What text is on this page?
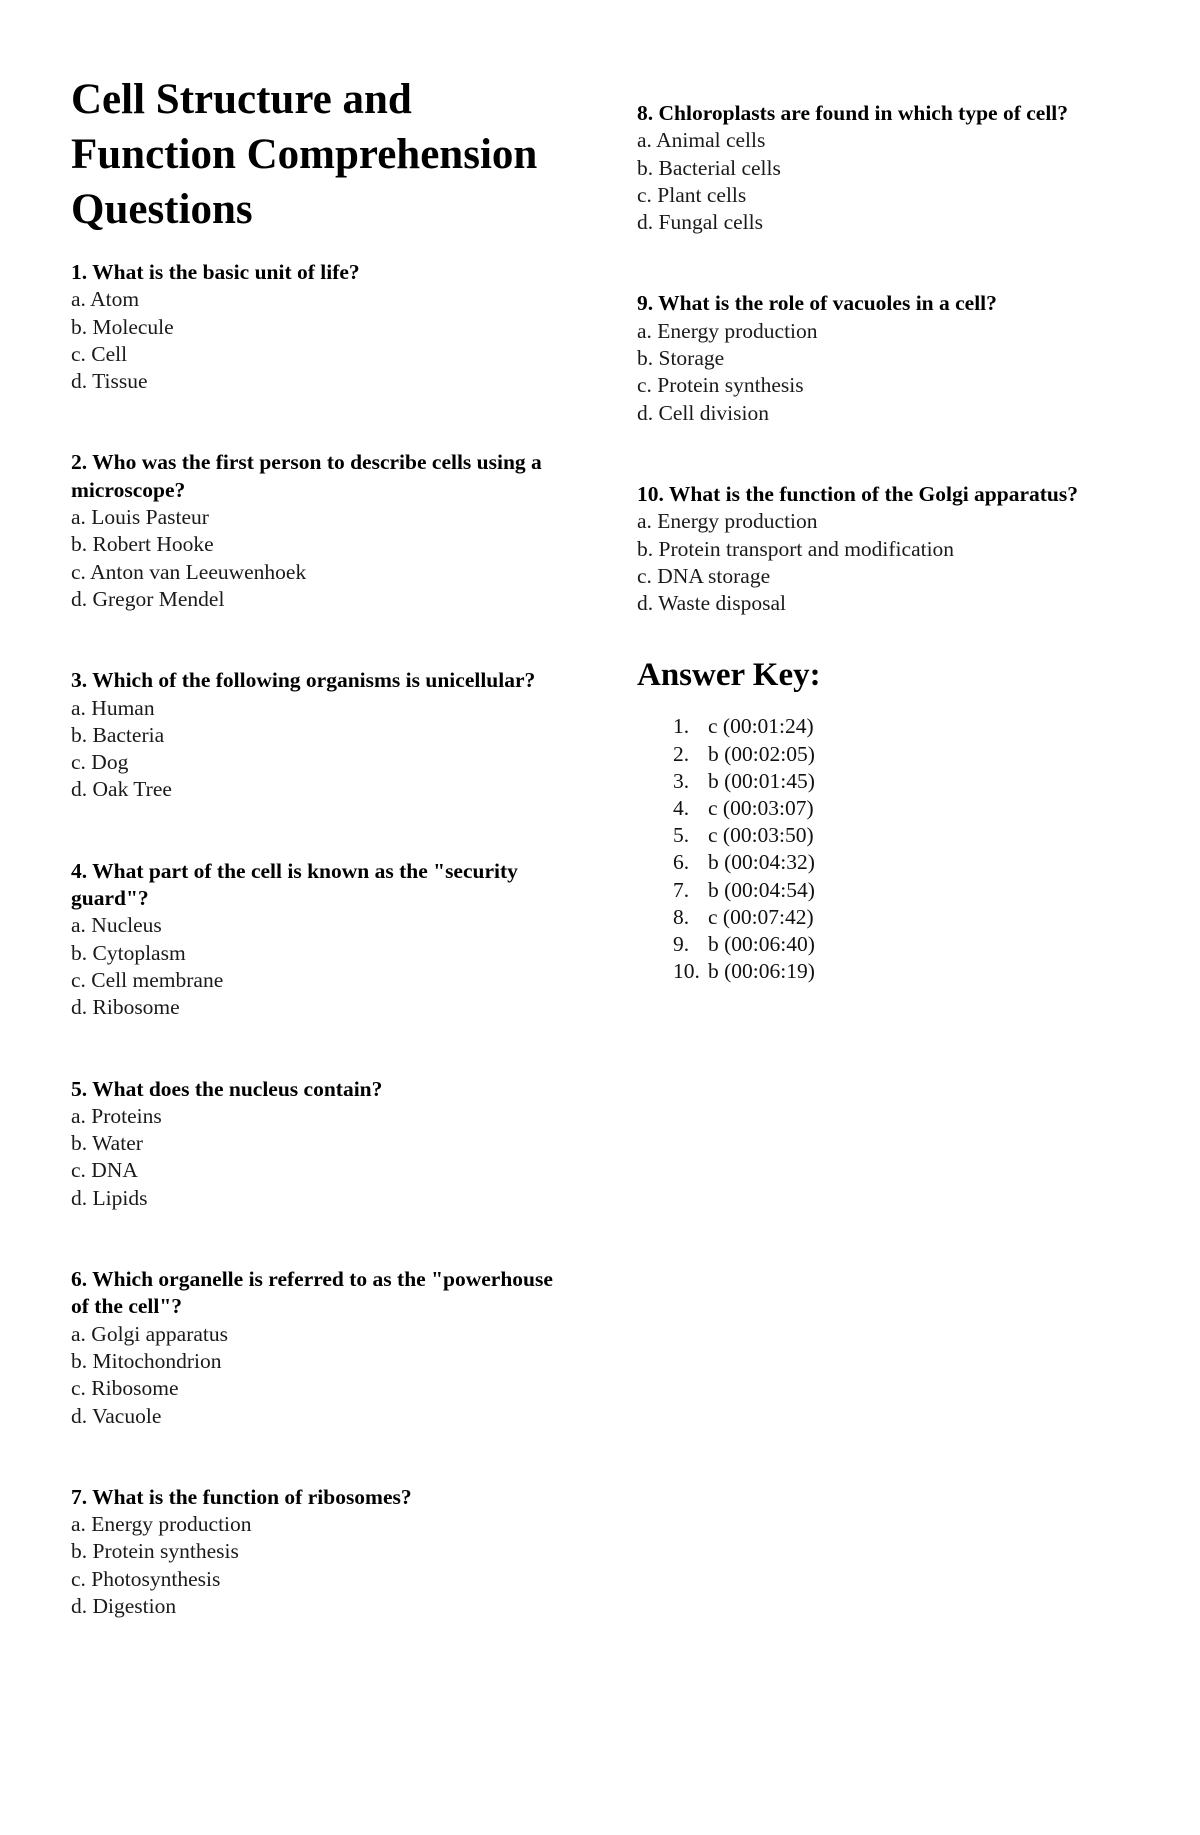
Cell Structure and Function Comprehension Questions
1. What is the basic unit of life?
a. Atom
b. Molecule
c. Cell
d. Tissue
2. Who was the first person to describe cells using a microscope?
a. Louis Pasteur
b. Robert Hooke
c. Anton van Leeuwenhoek
d. Gregor Mendel
3. Which of the following organisms is unicellular?
a. Human
b. Bacteria
c. Dog
d. Oak Tree
4. What part of the cell is known as the "security guard"?
a. Nucleus
b. Cytoplasm
c. Cell membrane
d. Ribosome
5. What does the nucleus contain?
a. Proteins
b. Water
c. DNA
d. Lipids
6. Which organelle is referred to as the "powerhouse of the cell"?
a. Golgi apparatus
b. Mitochondrion
c. Ribosome
d. Vacuole
7. What is the function of ribosomes?
a. Energy production
b. Protein synthesis
c. Photosynthesis
d. Digestion
8. Chloroplasts are found in which type of cell?
a. Animal cells
b. Bacterial cells
c. Plant cells
d. Fungal cells
9. What is the role of vacuoles in a cell?
a. Energy production
b. Storage
c. Protein synthesis
d. Cell division
10. What is the function of the Golgi apparatus?
a. Energy production
b. Protein transport and modification
c. DNA storage
d. Waste disposal
Answer Key:
1. c (00:01:24)
2. b (00:02:05)
3. b (00:01:45)
4. c (00:03:07)
5. c (00:03:50)
6. b (00:04:32)
7. b (00:04:54)
8. c (00:07:42)
9. b (00:06:40)
10. b (00:06:19)
